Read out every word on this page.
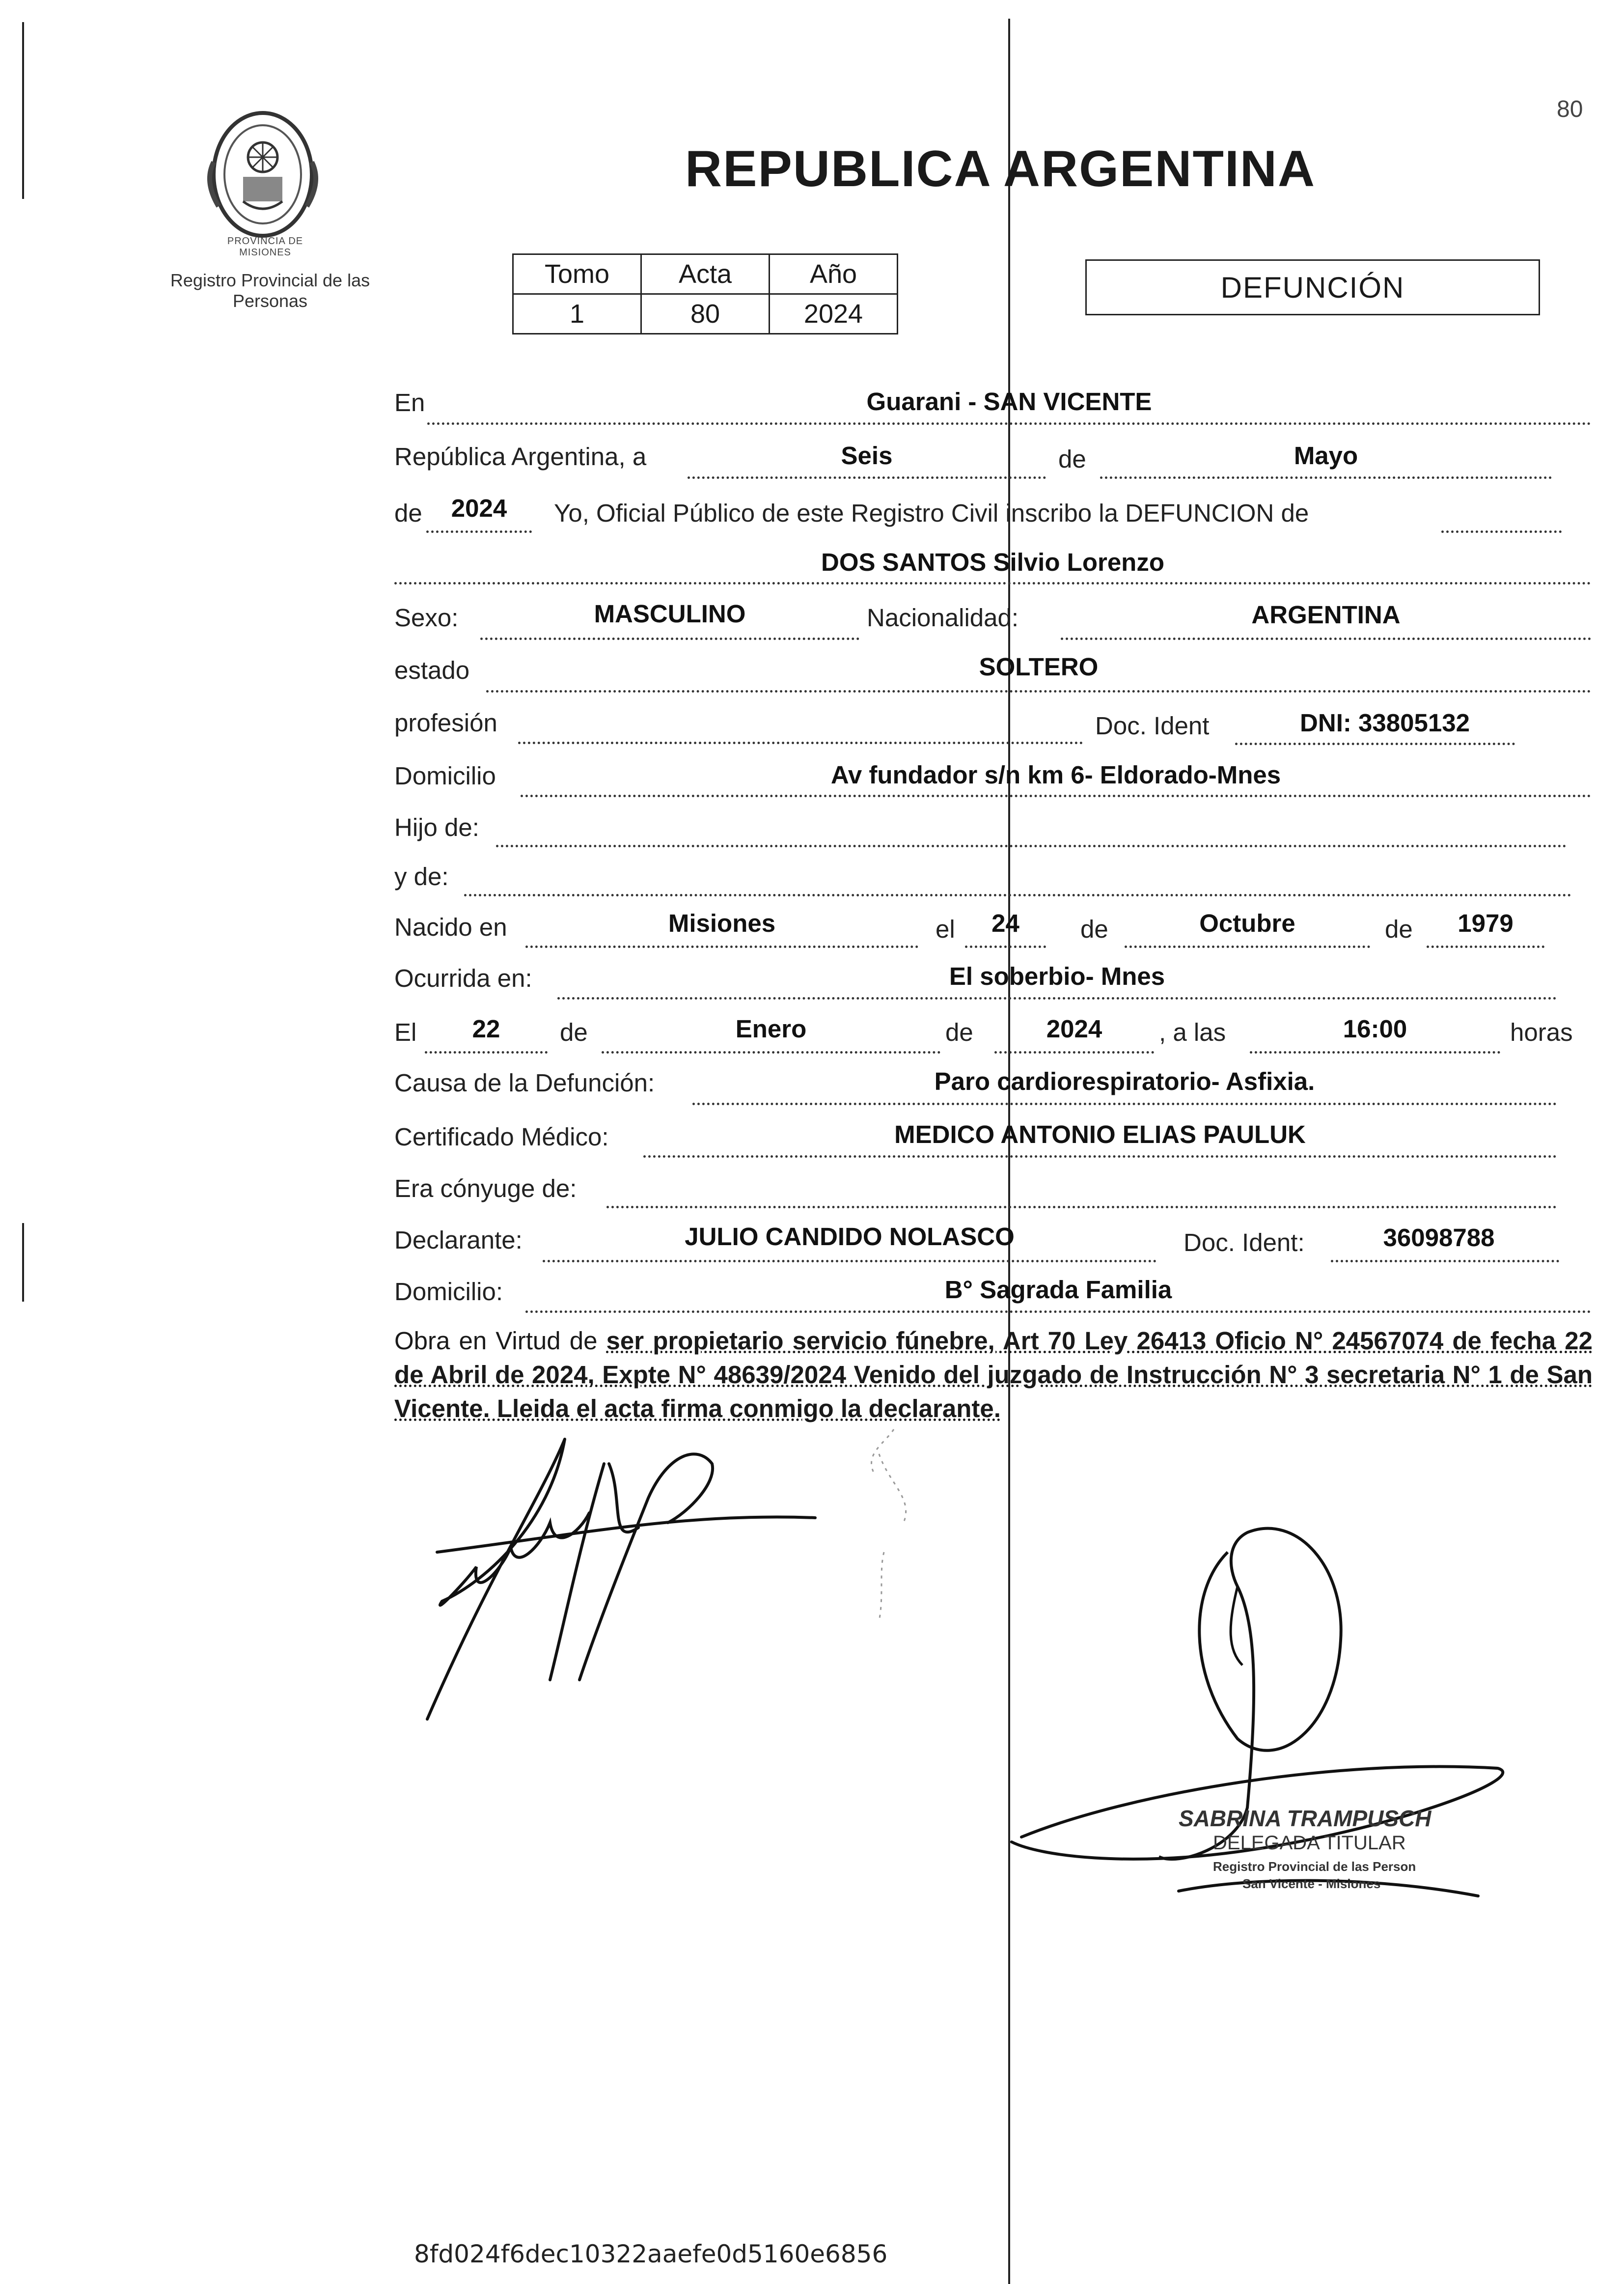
80
PROVINCIA DE MISIONES
Registro Provincial de las Personas
REPUBLICA ARGENTINA
Tomo	Acta	Año
1	80	2024
DEFUNCIÓN
En	Guarani - SAN VICENTE
República Argentina, a	Seis	de	Mayo
de	2024	Yo, Oficial Público de este Registro Civil inscribo la DEFUNCION de
DOS SANTOS Silvio Lorenzo
Sexo:	MASCULINO	Nacionalidad:	ARGENTINA
estado	SOLTERO
profesión	Doc. Ident	DNI: 33805132
Domicilio	Av fundador s/n km 6- Eldorado-Mnes
Hijo de:
y de:
Nacido en	Misiones	el	24	de	Octubre	de	1979
Ocurrida en:	El soberbio- Mnes
El	22	de	Enero	de	2024	, a las	16:00	horas
Causa de la Defunción:	Paro cardiorespiratorio- Asfixia.
Certificado Médico:	MEDICO ANTONIO ELIAS PAULUK
Era cónyuge de:
Declarante:	JULIO CANDIDO NOLASCO	Doc. Ident:	36098788
Domicilio:	B° Sagrada Familia
Obra en Virtud de ser propietario servicio fúnebre, Art 70 Ley 26413 Oficio N° 24567074 de fecha 22 de Abril de 2024, Expte N° 48639/2024 Venido del juzgado de Instrucción N° 3 secretaria N° 1 de San Vicente. Lleida el acta firma conmigo la declarante.
SABRINA TRAMPUSCH
DELEGADA TITULAR
Registro Provincial de las Person
San Vicente - Misiones
8fd024f6dec10322aaefe0d5160e6856
